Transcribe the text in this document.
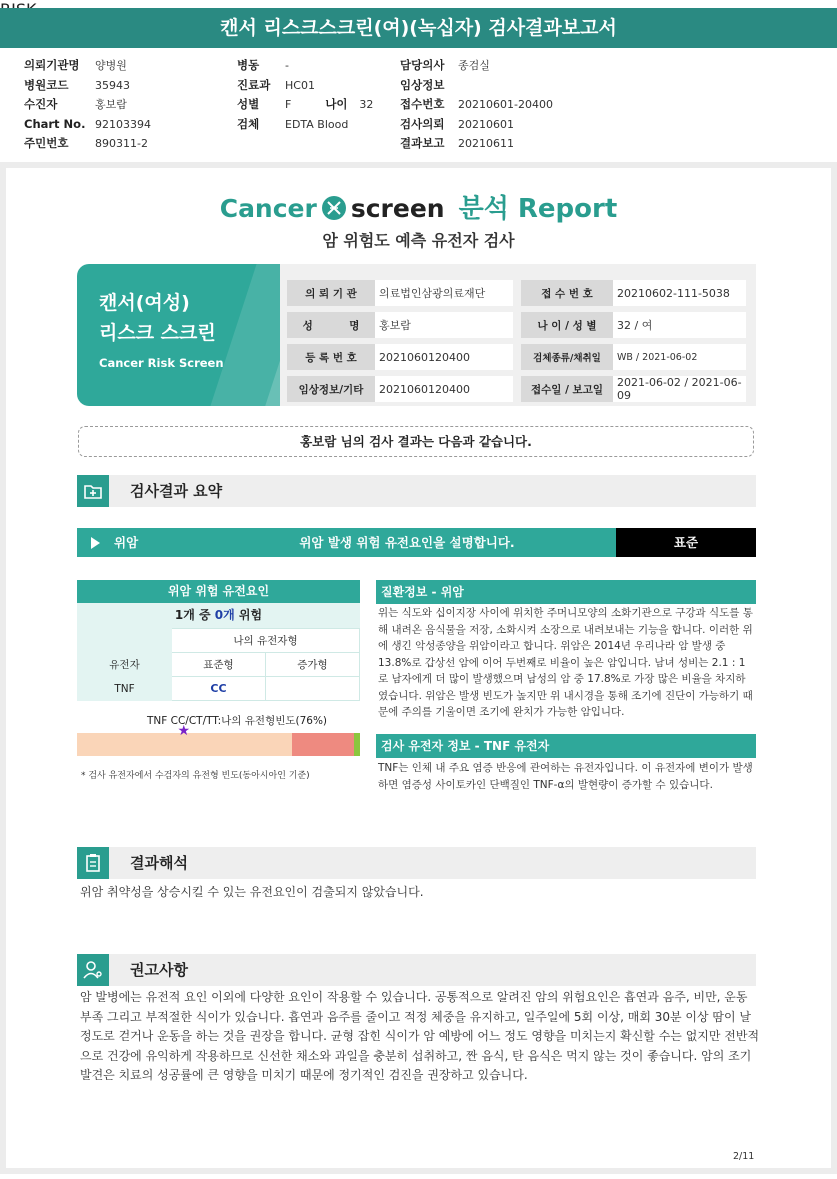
캔서 리스크스크린(여)(녹십자) 검사결과보고서
의뢰기관명	양병원
병원코드	35943
수진자	홍보람
Chart No. 92103394
주민번호	890311-2
병동	-
진료과	HC01
성별	F	나이	32
검체	EDTA Blood
담당의사	종검실
임상정보
접수번호	20210601-20400
검사의뢰	20210601
결과보고	20210611
Cancer screen 분석 Report
암 위험도 예측 유전자 검사
캔서(여성)
리스크 스크린
Cancer Risk Screen
의 뢰 기 관	의료법인삼광의료재단		접 수 번 호	20210602-111-5038
성          명	홍보람		나 이 / 성 별	32 / 여
등 록 번 호	2021060120400		검체종류/채취일	WB / 2021-06-02
임상정보/기타	2021060120400		접수일 / 보고일	2021-06-02 / 2021-06-09
홍보람 님의 검사 결과는 다음과 같습니다.
검사결과 요약
위암	위암 발생 위험 유전요인을 설명합니다.	표준
위암 위험 유전요인
1개 중 0개 위험
	나의 유전자형	
유전자	표준형	증가형
TNF	CC	
TNF CC/CT/TT:나의 유전형빈도(76%)
★
* 검사 유전자에서 수검자의 유전형 빈도(동아시아인 기준)
질환정보 - 위암
위는 식도와 십이지장 사이에 위치한 주머니모양의 소화기관으로 구강과 식도를 통해 내려온 음식물을 저장, 소화시켜 소장으로 내려보내는 기능을 합니다. 이러한 위에 생긴 악성종양을 위암이라고 합니다. 위암은 2014년 우리나라 암 발생 중 13.8%로 갑상선 암에 이어 두번째로 비율이 높은 암입니다. 남녀 성비는 2.1 : 1로 남자에게 더 많이 발생했으며 남성의 암 중 17.8%로 가장 많은 비율을 차지하였습니다. 위암은 발생 빈도가 높지만 위 내시경을 통해 조기에 진단이 가능하기 때문에 주의를 기울이면 조기에 완치가 가능한 암입니다.
검사 유전자 정보 - TNF 유전자
TNF는 인체 내 주요 염증 반응에 관여하는 유전자입니다. 이 유전자에 변이가 발생하면 염증성 사이토카인 단백질인 TNF-α의 발현량이 증가할 수 있습니다.
결과해석
위암 취약성을 상승시킬 수 있는 유전요인이 검출되지 않았습니다.
권고사항
암 발병에는 유전적 요인 이외에 다양한 요인이 작용할 수 있습니다. 공통적으로 알려진 암의 위험요인은 흡연과 음주, 비만, 운동 부족 그리고 부적절한 식이가 있습니다. 흡연과 음주를 줄이고 적정 체중을 유지하고, 일주일에 5회 이상, 매회 30분 이상 땀이 날 정도로 걷거나 운동을 하는 것을 권장을 합니다. 균형 잡힌 식이가 암 예방에 어느 정도 영향을 미치는지 확신할 수는 없지만 전반적으로 건강에 유익하게 작용하므로 신선한 채소와 과일을 충분히 섭취하고, 짠 음식, 탄 음식은 먹지 않는 것이 좋습니다. 암의 조기발견은 치료의 성공률에 큰 영향을 미치기 때문에 정기적인 검진을 권장하고 있습니다.
2/11
